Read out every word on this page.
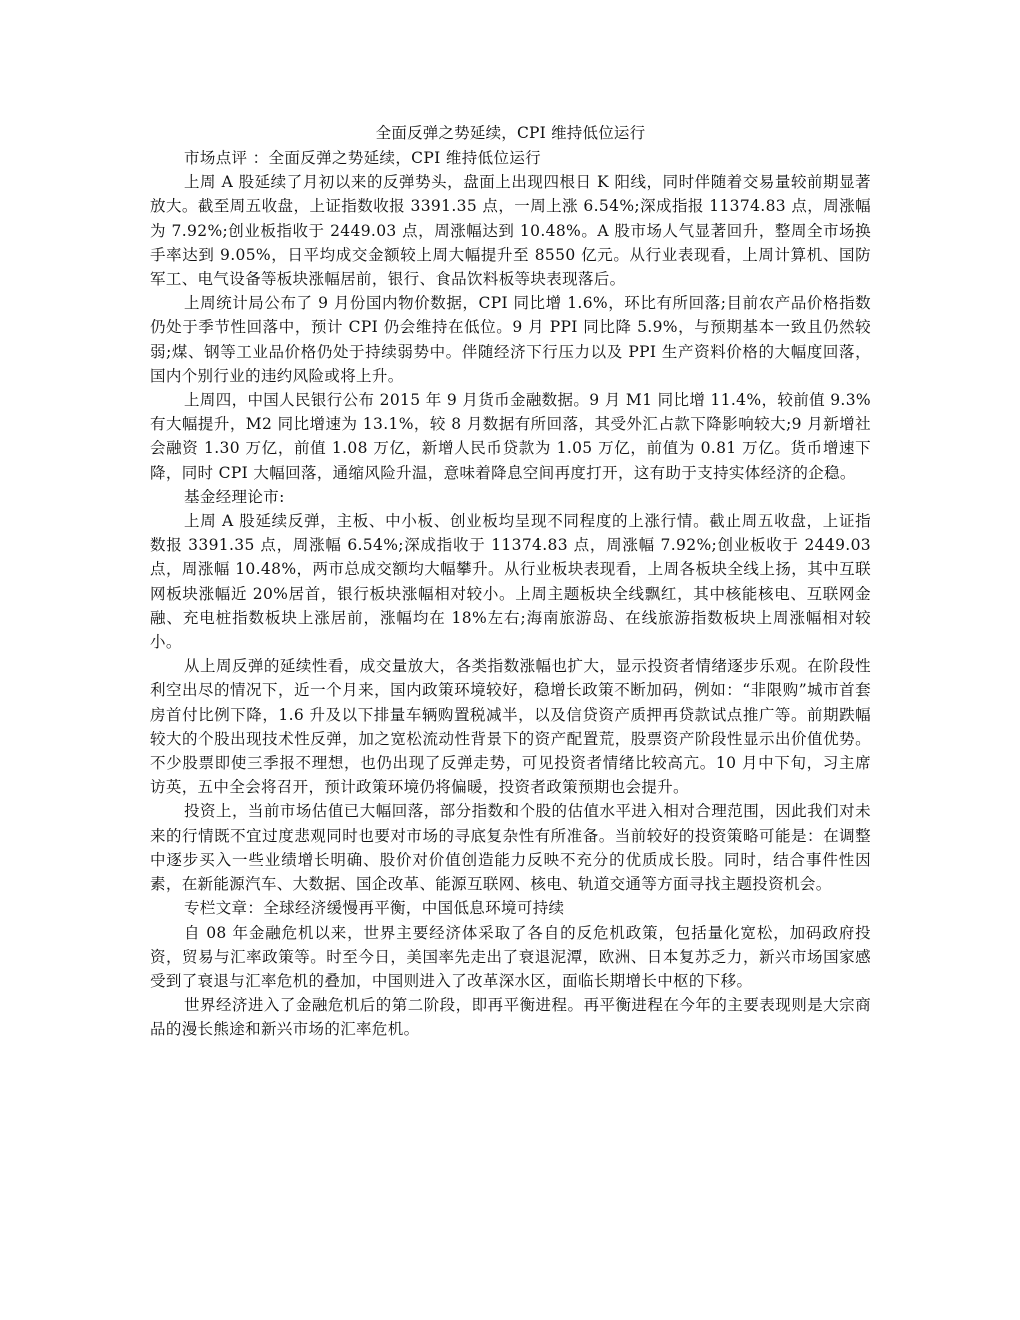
全面反弹之势延续，CPI 维持低位运行

市场点评 ：全面反弹之势延续，CPI 维持低位运行

上周 A 股延续了月初以来的反弹势头，盘面上出现四根日 K 阳线，同时伴随着交易量较前期显著放大。截至周五收盘，上证指数收报 3391.35 点，一周上涨 6.54%;深成指报 11374.83 点，周涨幅为 7.92%;创业板指收于 2449.03 点，周涨幅达到 10.48%。A 股市场人气显著回升，整周全市场换手率达到 9.05%，日平均成交金额较上周大幅提升至 8550 亿元。从行业表现看，上周计算机、国防军工、电气设备等板块涨幅居前，银行、食品饮料板等块表现落后。

上周统计局公布了 9 月份国内物价数据，CPI 同比增 1.6%，环比有所回落;目前农产品价格指数仍处于季节性回落中，预计 CPI 仍会维持在低位。9 月 PPI 同比降 5.9%，与预期基本一致且仍然较弱;煤、钢等工业品价格仍处于持续弱势中。伴随经济下行压力以及 PPI 生产资料价格的大幅度回落，国内个别行业的违约风险或将上升。

上周四，中国人民银行公布 2015 年 9 月货币金融数据。9 月 M1 同比增 11.4%，较前值 9.3%有大幅提升，M2 同比增速为 13.1%，较 8 月数据有所回落，其受外汇占款下降影响较大;9 月新增社会融资 1.30 万亿，前值 1.08 万亿，新增人民币贷款为 1.05 万亿，前值为 0.81 万亿。货币增速下降，同时 CPI 大幅回落，通缩风险升温，意味着降息空间再度打开，这有助于支持实体经济的企稳。

基金经理论市:

上周 A 股延续反弹，主板、中小板、创业板均呈现不同程度的上涨行情。截止周五收盘，上证指数报 3391.35 点，周涨幅 6.54%;深成指收于 11374.83 点，周涨幅 7.92%;创业板收于 2449.03 点，周涨幅 10.48%，两市总成交额均大幅攀升。从行业板块表现看，上周各板块全线上扬，其中互联网板块涨幅近 20%居首，银行板块涨幅相对较小。上周主题板块全线飘红，其中核能核电、互联网金融、充电桩指数板块上涨居前，涨幅均在 18%左右;海南旅游岛、在线旅游指数板块上周涨幅相对较小。

从上周反弹的延续性看，成交量放大，各类指数涨幅也扩大，显示投资者情绪逐步乐观。在阶段性利空出尽的情况下，近一个月来，国内政策环境较好，稳增长政策不断加码，例如：“非限购”城市首套房首付比例下降，1.6 升及以下排量车辆购置税减半，以及信贷资产质押再贷款试点推广等。前期跌幅较大的个股出现技术性反弹，加之宽松流动性背景下的资产配置荒，股票资产阶段性显示出价值优势。不少股票即使三季报不理想，也仍出现了反弹走势，可见投资者情绪比较高亢。10 月中下旬，习主席访英，五中全会将召开，预计政策环境仍将偏暖，投资者政策预期也会提升。

投资上，当前市场估值已大幅回落，部分指数和个股的估值水平进入相对合理范围，因此我们对未来的行情既不宜过度悲观同时也要对市场的寻底复杂性有所准备。当前较好的投资策略可能是：在调整中逐步买入一些业绩增长明确、股价对价值创造能力反映不充分的优质成长股。同时，结合事件性因素，在新能源汽车、大数据、国企改革、能源互联网、核电、轨道交通等方面寻找主题投资机会。

专栏文章：全球经济缓慢再平衡，中国低息环境可持续

自 08 年金融危机以来，世界主要经济体采取了各自的反危机政策，包括量化宽松，加码政府投资，贸易与汇率政策等。时至今日，美国率先走出了衰退泥潭，欧洲、日本复苏乏力，新兴市场国家感受到了衰退与汇率危机的叠加，中国则进入了改革深水区，面临长期增长中枢的下移。

世界经济进入了金融危机后的第二阶段，即再平衡进程。再平衡进程在今年的主要表现则是大宗商品的漫长熊途和新兴市场的汇率危机。
